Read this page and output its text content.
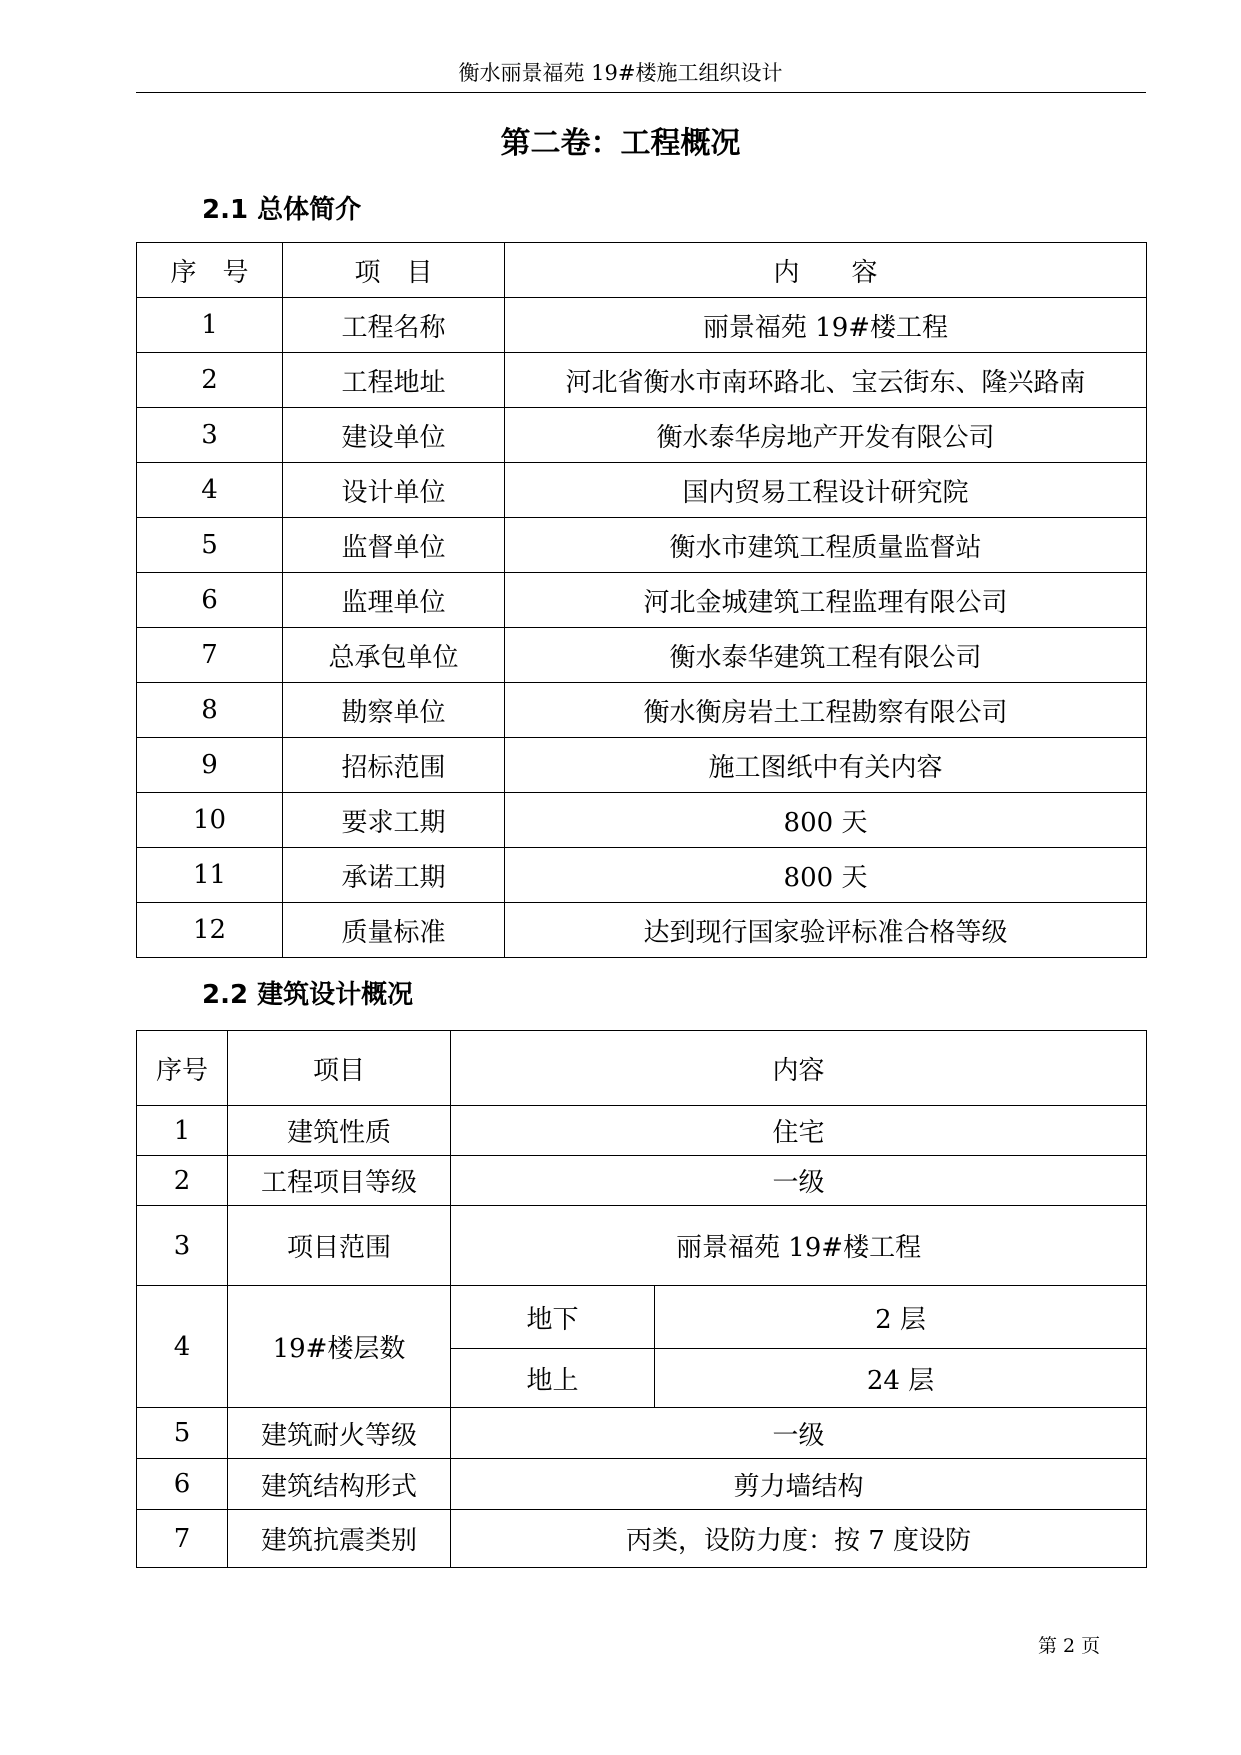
衡水丽景福苑 19#楼施工组织设计
第二卷：工程概况
2.1 总体简介
序　号	项　目	内　　容
1	工程名称	丽景福苑 19#楼工程
2	工程地址	河北省衡水市南环路北、宝云街东、隆兴路南
3	建设单位	衡水泰华房地产开发有限公司
4	设计单位	国内贸易工程设计研究院
5	监督单位	衡水市建筑工程质量监督站
6	监理单位	河北金城建筑工程监理有限公司
7	总承包单位	衡水泰华建筑工程有限公司
8	勘察单位	衡水衡房岩土工程勘察有限公司
9	招标范围	施工图纸中有关内容
10	要求工期	800 天
11	承诺工期	800 天
12	质量标准	达到现行国家验评标准合格等级
2.2 建筑设计概况
序号	项目	内容	
1	建筑性质	住宅	
2	工程项目等级	一级	
3	项目范围	丽景福苑 19#楼工程	
4	19#楼层数	地下	2 层
		地上	24 层
5	建筑耐火等级	一级	
6	建筑结构形式	剪力墙结构	
7	建筑抗震类别	丙类，设防力度：按 7 度设防	
第 2 页
